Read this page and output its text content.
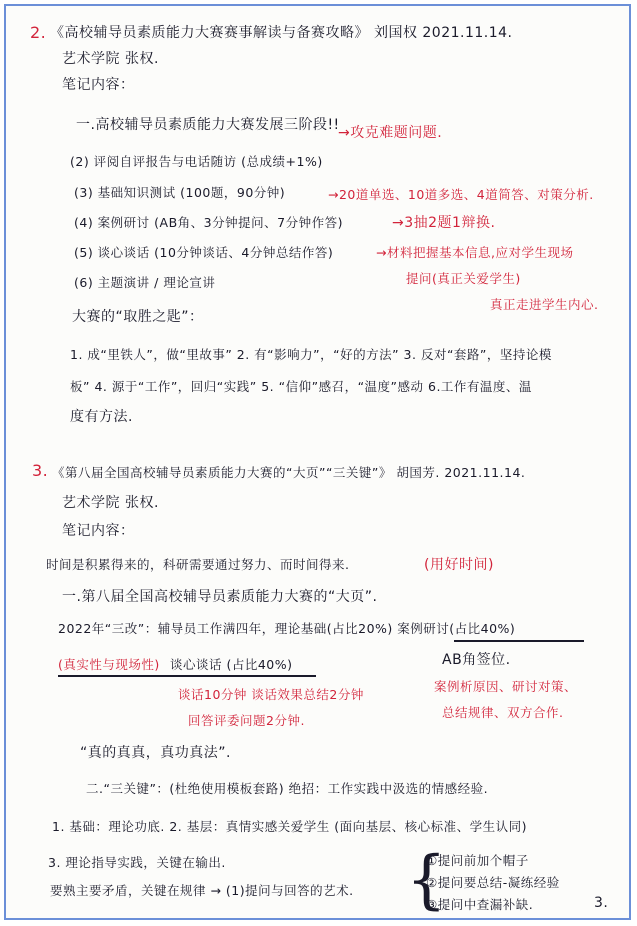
2. 《高校辅导员素质能力大赛赛事解读与备赛攻略》 刘国权 2021.11.14.
艺术学院 张权.
笔记内容：
一.高校辅导员素质能力大赛发展三阶段!!
→攻克难题问题.
(2) 评阅自评报告与电话随访 (总成绩+1%)
(3) 基础知识测试 (100题，90分钟)	→20道单选、10道多选、4道简答、对策分析.
(4) 案例研讨 (AB角、3分钟提问、7分钟作答)	→3抽2题1辩换.
(5) 谈心谈话 (10分钟谈话、4分钟总结作答)	→材料把握基本信息,应对学生现场
提问(真正关爱学生)
真正走进学生内心.
(6) 主题演讲 / 理论宣讲
大赛的“取胜之匙”：
1. 成“里铁人”，做“里故事” 2. 有“影响力”，“好的方法” 3. 反对“套路”，坚持论模
板” 4. 源于“工作”，回归“实践” 5. “信仰”感召，“温度”感动 6.工作有温度、温
度有方法.
3. 《第八届全国高校辅导员素质能力大赛的“大页”“三关键”》 胡国芳. 2021.11.14.
艺术学院 张权.
笔记内容：
时间是积累得来的，科研需要通过努力、而时间得来.	(用好时间)
一.第八届全国高校辅导员素质能力大赛的“大页”.
2022年“三改”：辅导员工作满四年，理论基础(占比20%) 案例研讨(占比40%)
AB角签位.
(真实性与现场性) 谈心谈话 (占比40%)
案例析原因、研讨对策、
谈话10分钟 谈话效果总结2分钟
总结规律、双方合作.
回答评委问题2分钟.
“真的真真，真功真法”.
二.“三关键”：(杜绝使用模板套路) 绝招：工作实践中汲选的情感经验.
1. 基础：理论功底. 2. 基层：真情实感关爱学生 (面向基层、核心标准、学生认同)
3. 理论指导实践，关键在输出.
要熟主要矛盾，关键在规律 → (1)提问与回答的艺术. {
①提问前加个帽子
②提问要总结-凝练经验
③提问中查漏补缺.	3.
